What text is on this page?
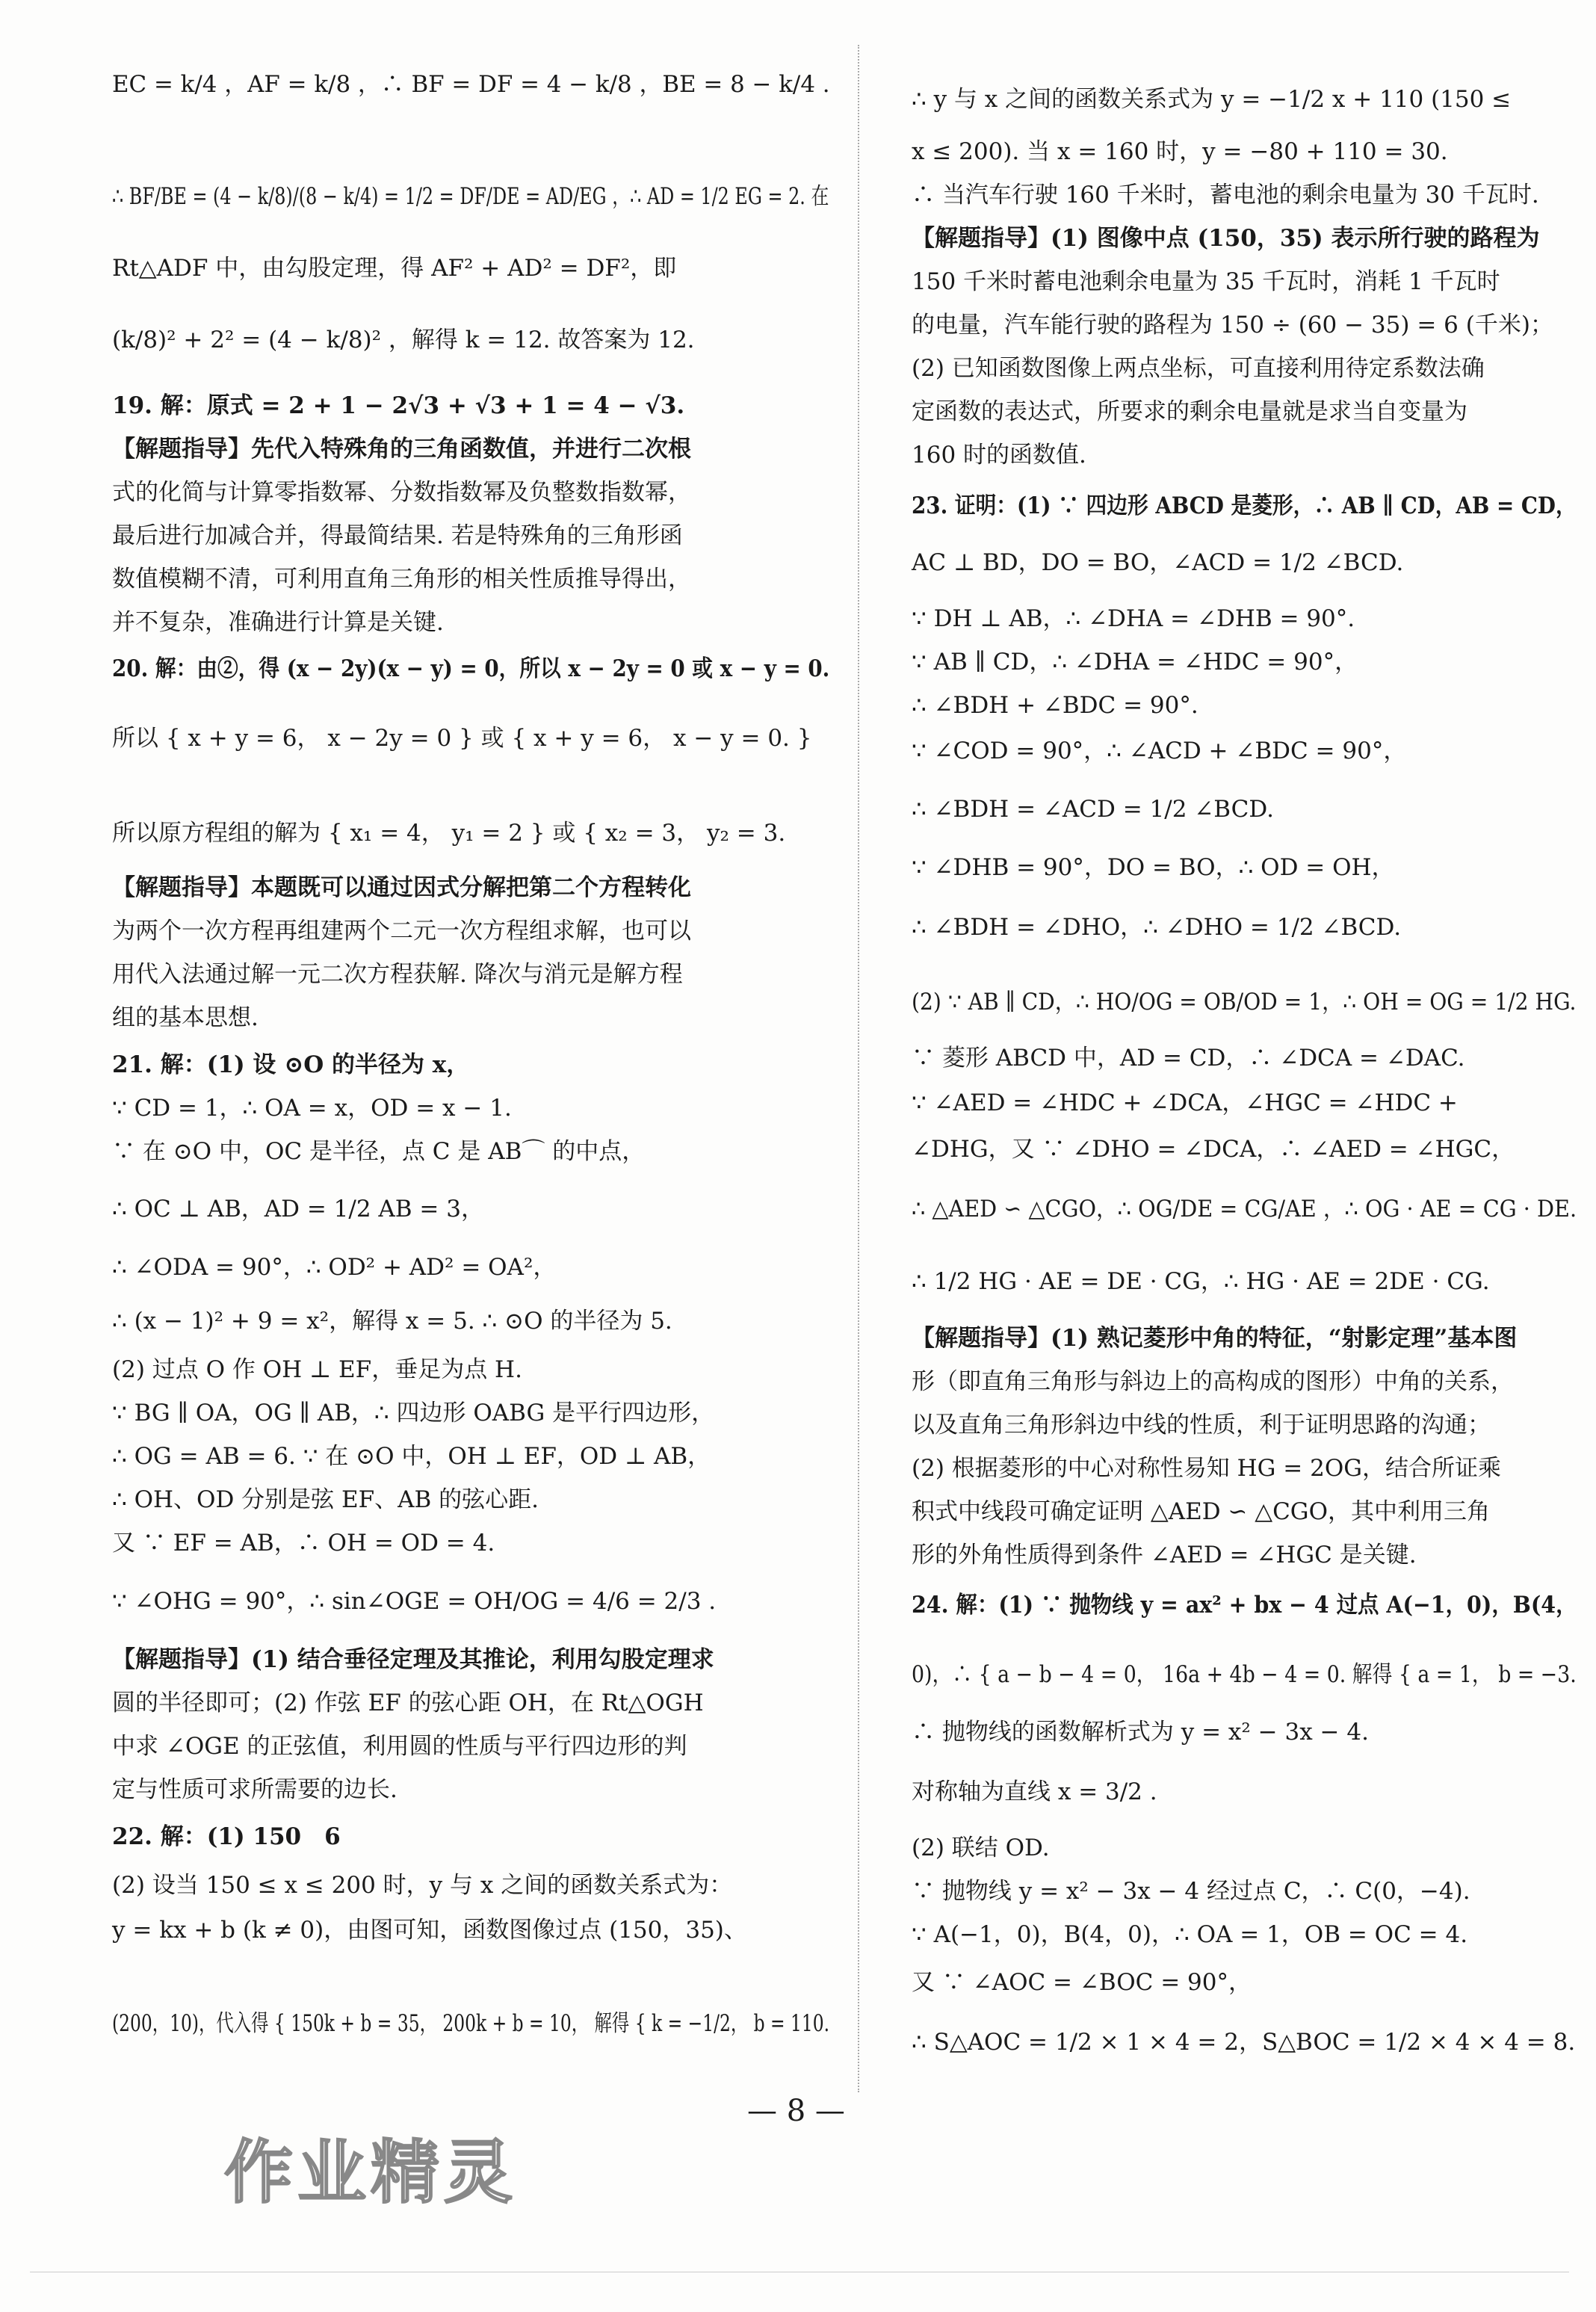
EC = k/4 ，AF = k/8 ，∴ BF = DF = 4 − k/8 ，BE = 8 − k/4 .
∴ BF/BE = (4 − k/8)/(8 − k/4) = 1/2 = DF/DE = AD/EG ，∴ AD = 1/2 EG = 2. 在
Rt△ADF 中，由勾股定理，得 AF² + AD² = DF²，即
(k/8)² + 2² = (4 − k/8)² ，解得 k = 12. 故答案为 12.
19. 解：原式 = 2 + 1 − 2√3 + √3 + 1 = 4 − √3.
【解题指导】先代入特殊角的三角函数值，并进行二次根
式的化简与计算零指数幂、分数指数幂及负整数指数幂，
最后进行加减合并，得最简结果. 若是特殊角的三角形函
数值模糊不清，可利用直角三角形的相关性质推导得出，
并不复杂，准确进行计算是关键.
20. 解：由②，得 (x − 2y)(x − y) = 0，所以 x − 2y = 0 或 x − y = 0.
所以 { x + y = 6， x − 2y = 0 } 或 { x + y = 6， x − y = 0. }
所以原方程组的解为 { x₁ = 4， y₁ = 2 } 或 { x₂ = 3， y₂ = 3.
【解题指导】本题既可以通过因式分解把第二个方程转化
为两个一次方程再组建两个二元一次方程组求解，也可以
用代入法通过解一元二次方程获解. 降次与消元是解方程
组的基本思想.
21. 解：(1) 设 ⊙O 的半径为 x，
∵ CD = 1，∴ OA = x，OD = x − 1.
∵ 在 ⊙O 中，OC 是半径，点 C 是 AB⌒ 的中点，
∴ OC ⊥ AB，AD = 1/2 AB = 3，
∴ ∠ODA = 90°，∴ OD² + AD² = OA²，
∴ (x − 1)² + 9 = x²，解得 x = 5. ∴ ⊙O 的半径为 5.
(2) 过点 O 作 OH ⊥ EF，垂足为点 H.
∵ BG ∥ OA，OG ∥ AB，∴ 四边形 OABG 是平行四边形，
∴ OG = AB = 6. ∵ 在 ⊙O 中，OH ⊥ EF，OD ⊥ AB，
∴ OH、OD 分别是弦 EF、AB 的弦心距.
又 ∵ EF = AB，∴ OH = OD = 4.
∵ ∠OHG = 90°，∴ sin∠OGE = OH/OG = 4/6 = 2/3 .
【解题指导】(1) 结合垂径定理及其推论，利用勾股定理求
圆的半径即可；(2) 作弦 EF 的弦心距 OH，在 Rt△OGH
中求 ∠OGE 的正弦值，利用圆的性质与平行四边形的判
定与性质可求所需要的边长.
22. 解：(1) 150　6
(2) 设当 150 ≤ x ≤ 200 时，y 与 x 之间的函数关系式为：
y = kx + b (k ≠ 0)，由图可知，函数图像过点 (150，35)、
(200，10)，代入得 { 150k + b = 35， 200k + b = 10， 解得 { k = −1/2， b = 110.
∴ y 与 x 之间的函数关系式为 y = −1/2 x + 110 (150 ≤
x ≤ 200). 当 x = 160 时，y = −80 + 110 = 30.
∴ 当汽车行驶 160 千米时，蓄电池的剩余电量为 30 千瓦时.
【解题指导】(1) 图像中点 (150，35) 表示所行驶的路程为
150 千米时蓄电池剩余电量为 35 千瓦时，消耗 1 千瓦时
的电量，汽车能行驶的路程为 150 ÷ (60 − 35) = 6 (千米)；
(2) 已知函数图像上两点坐标，可直接利用待定系数法确
定函数的表达式，所要求的剩余电量就是求当自变量为
160 时的函数值.
23. 证明：(1) ∵ 四边形 ABCD 是菱形，∴ AB ∥ CD，AB = CD，
AC ⊥ BD，DO = BO，∠ACD = 1/2 ∠BCD.
∵ DH ⊥ AB，∴ ∠DHA = ∠DHB = 90°.
∵ AB ∥ CD，∴ ∠DHA = ∠HDC = 90°，
∴ ∠BDH + ∠BDC = 90°.
∵ ∠COD = 90°，∴ ∠ACD + ∠BDC = 90°，
∴ ∠BDH = ∠ACD = 1/2 ∠BCD.
∵ ∠DHB = 90°，DO = BO，∴ OD = OH，
∴ ∠BDH = ∠DHO，∴ ∠DHO = 1/2 ∠BCD.
(2) ∵ AB ∥ CD，∴ HO/OG = OB/OD = 1，∴ OH = OG = 1/2 HG.
∵ 菱形 ABCD 中，AD = CD，∴ ∠DCA = ∠DAC.
∵ ∠AED = ∠HDC + ∠DCA，∠HGC = ∠HDC +
∠DHG，又 ∵ ∠DHO = ∠DCA，∴ ∠AED = ∠HGC，
∴ △AED ∽ △CGO，∴ OG/DE = CG/AE ，∴ OG · AE = CG · DE.
∴ 1/2 HG · AE = DE · CG，∴ HG · AE = 2DE · CG.
【解题指导】(1) 熟记菱形中角的特征，“射影定理”基本图
形（即直角三角形与斜边上的高构成的图形）中角的关系，
以及直角三角形斜边中线的性质，利于证明思路的沟通；
(2) 根据菱形的中心对称性易知 HG = 2OG，结合所证乘
积式中线段可确定证明 △AED ∽ △CGO，其中利用三角
形的外角性质得到条件 ∠AED = ∠HGC 是关键.
24. 解：(1) ∵ 抛物线 y = ax² + bx − 4 过点 A(−1，0)，B(4，
0)，∴ { a − b − 4 = 0， 16a + 4b − 4 = 0. 解得 { a = 1， b = −3.
∴ 抛物线的函数解析式为 y = x² − 3x − 4.
对称轴为直线 x = 3/2 .
(2) 联结 OD.
∵ 抛物线 y = x² − 3x − 4 经过点 C，∴ C(0，−4).
∵ A(−1，0)，B(4，0)，∴ OA = 1，OB = OC = 4.
又 ∵ ∠AOC = ∠BOC = 90°，
∴ S△AOC = 1/2 × 1 × 4 = 2，S△BOC = 1/2 × 4 × 4 = 8.
— 8 —
作业精灵
